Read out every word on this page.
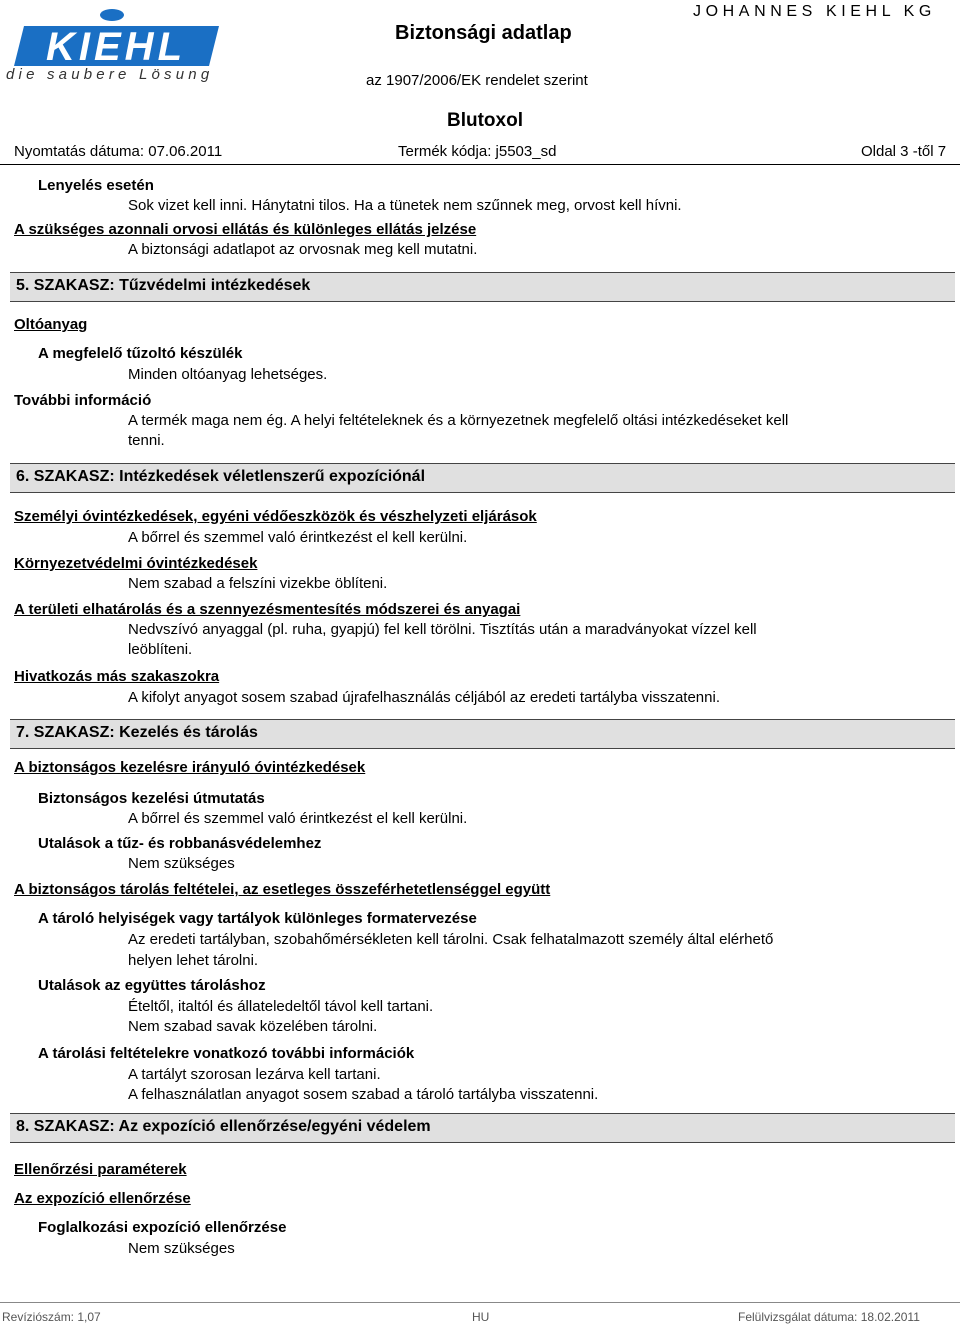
KIEHL
die saubere Lösung
Biztonsági adatlap
JOHANNES KIEHL KG
az 1907/2006/EK rendelet szerint
Blutoxol
Nyomtatás dátuma: 07.06.2011	Termék kódja: j5503_sd	Oldal 3 -től 7
Lenyelés esetén
Sok vizet kell inni. Hánytatni tilos. Ha a tünetek nem szűnnek meg, orvost kell hívni.
A szükséges azonnali orvosi ellátás és különleges ellátás jelzése
A biztonsági adatlapot az orvosnak meg kell mutatni.
5. SZAKASZ: Tűzvédelmi intézkedések
Oltóanyag
A megfelelő tűzoltó készülék
Minden oltóanyag lehetséges.
További információ
A termék maga nem ég. A helyi feltételeknek és a környezetnek megfelelő oltási intézkedéseket kell
tenni.
6. SZAKASZ: Intézkedések véletlenszerű expozíciónál
Személyi óvintézkedések, egyéni védőeszközök és vészhelyzeti eljárások
A bőrrel és szemmel való érintkezést el kell kerülni.
Környezetvédelmi óvintézkedések
Nem szabad a felszíni vizekbe öblíteni.
A területi elhatárolás és a szennyezésmentesítés módszerei és anyagai
Nedvszívó anyaggal (pl. ruha, gyapjú) fel kell törölni. Tisztítás után a maradványokat vízzel kell
leöblíteni.
Hivatkozás más szakaszokra
A kifolyt anyagot sosem szabad újrafelhasználás céljából az eredeti tartályba visszatenni.
7. SZAKASZ: Kezelés és tárolás
A biztonságos kezelésre irányuló óvintézkedések
Biztonságos kezelési útmutatás
A bőrrel és szemmel való érintkezést el kell kerülni.
Utalások a tűz- és robbanásvédelemhez
Nem szükséges
A biztonságos tárolás feltételei, az esetleges összeférhetetlenséggel együtt
A tároló helyiségek vagy tartályok különleges formatervezése
Az eredeti tartályban, szobahőmérsékleten kell tárolni. Csak felhatalmazott személy által elérhető
helyen lehet tárolni.
Utalások az együttes tároláshoz
Ételtől, italtól és állateledeltől távol kell tartani.
Nem szabad savak közelében tárolni.
A tárolási feltételekre vonatkozó további információk
A tartályt szorosan lezárva kell tartani.
A felhasználatlan anyagot sosem szabad a tároló tartályba visszatenni.
8. SZAKASZ: Az expozíció ellenőrzése/egyéni védelem
Ellenőrzési paraméterek
Az expozíció ellenőrzése
Foglalkozási expozíció ellenőrzése
Nem szükséges
Revíziószám: 1,07	HU	Felülvizsgálat dátuma: 18.02.2011
